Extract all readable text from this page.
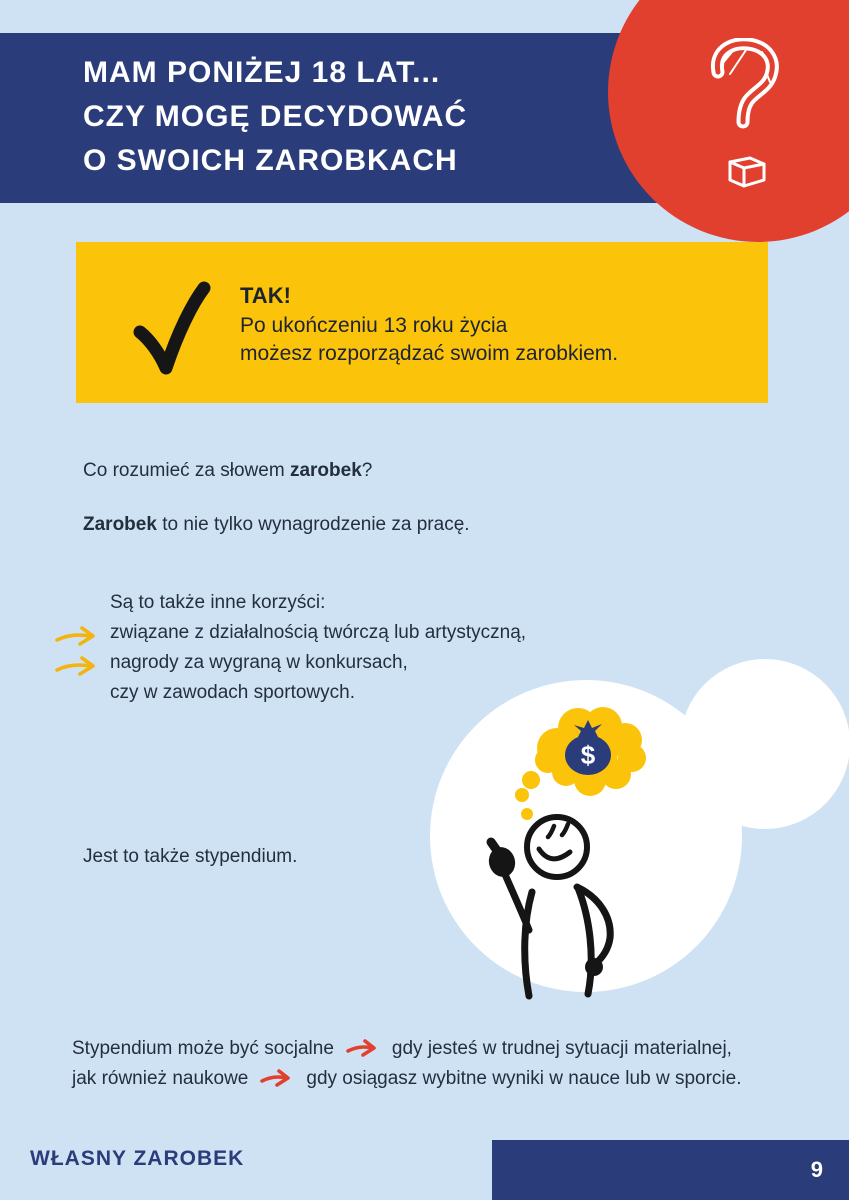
MAM PONIŻEJ 18 LAT...
CZY MOGĘ DECYDOWAĆ
O SWOICH ZAROBKACH
TAK!
Po ukończeniu 13 roku życia
możesz rozporządzać swoim zarobkiem.

Co rozumieć za słowem zarobek?

Zarobek to nie tylko wynagrodzenie za pracę.

Są to także inne korzyści:
związane z działalnością twórczą lub artystyczną,
nagrody za wygraną w konkursach,
czy w zawodach sportowych.
$

Jest to także stypendium.

Stypendium może być socjalne	gdy jesteś w trudnej sytuacji materialnej,
jak również naukowe	gdy osiągasz wybitne wyniki w nauce lub w sporcie.
WŁASNY ZAROBEK	9
